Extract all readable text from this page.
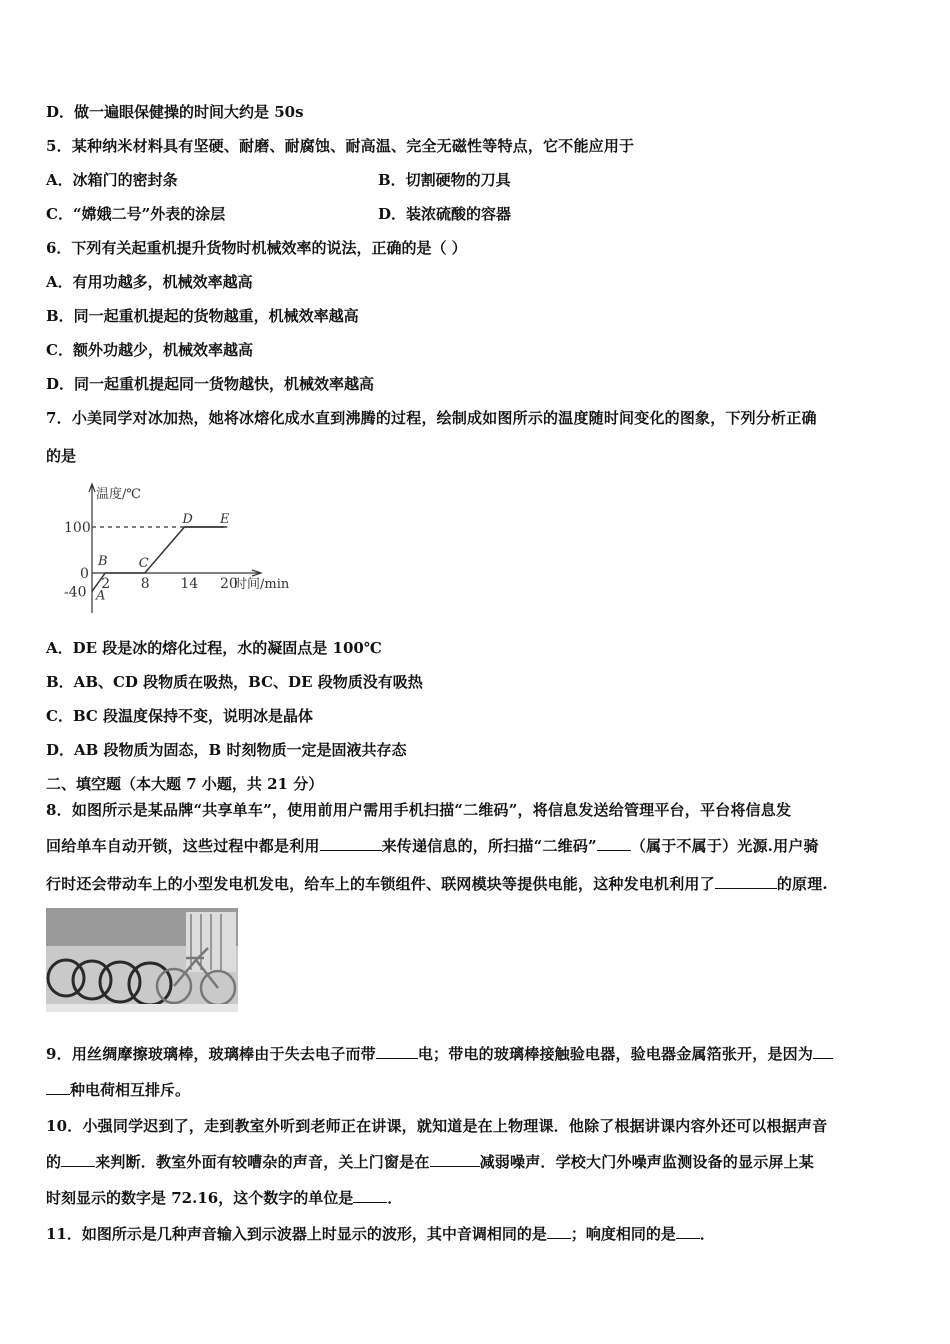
D．做一遍眼保健操的时间大约是 50s
5．某种纳米材料具有坚硬、耐磨、耐腐蚀、耐高温、完全无磁性等特点，它不能应用于
A．冰箱门的密封条	B．切割硬物的刀具
C．“嫦娥二号”外表的涂层	D．装浓硫酸的容器
6．下列有关起重机提升货物时机械效率的说法，正确的是（ ）
A．有用功越多，机械效率越高
B．同一起重机提起的货物越重，机械效率越高
C．额外功越少，机械效率越高
D．同一起重机提起同一货物越快，机械效率越高
7．小美同学对冰加热，她将冰熔化成水直到沸腾的过程，绘制成如图所示的温度随时间变化的图象，下列分析正确
的是
100
0
-40
2 8 14 20
温度/℃
时间/min
A
B C
D E
A．DE 段是冰的熔化过程，水的凝固点是 100℃
B．AB、CD 段物质在吸热，BC、DE 段物质没有吸热
C．BC 段温度保持不变，说明冰是晶体
D．AB 段物质为固态，B 时刻物质一定是固液共存态
二、填空题（本大题 7 小题，共 21 分）
8．如图所示是某品牌“共享单车”，使用前用户需用手机扫描“二维码”，将信息发送给管理平台，平台将信息发
回给单车自动开锁，这些过程中都是利用	来传递信息的，所扫描“二维码” （属于不属于）光源.用户骑
行时还会带动车上的小型发电机发电，给车上的车锁组件、联网模块等提供电能，这种发电机利用了	的原理.
9．用丝绸摩擦玻璃棒，玻璃棒由于失去电子而带	电；带电的玻璃棒接触验电器，验电器金属箔张开，是因为
种电荷相互排斥。
10．小强同学迟到了，走到教室外听到老师正在讲课，就知道是在上物理课．他除了根据讲课内容外还可以根据声音
的 来判断．教室外面有较嘈杂的声音，关上门窗是在	减弱噪声．学校大门外噪声监测设备的显示屏上某
时刻显示的数字是 72.16，这个数字的单位是 ．
11．如图所示是几种声音输入到示波器上时显示的波形，其中音调相同的是 ；响度相同的是 ．
